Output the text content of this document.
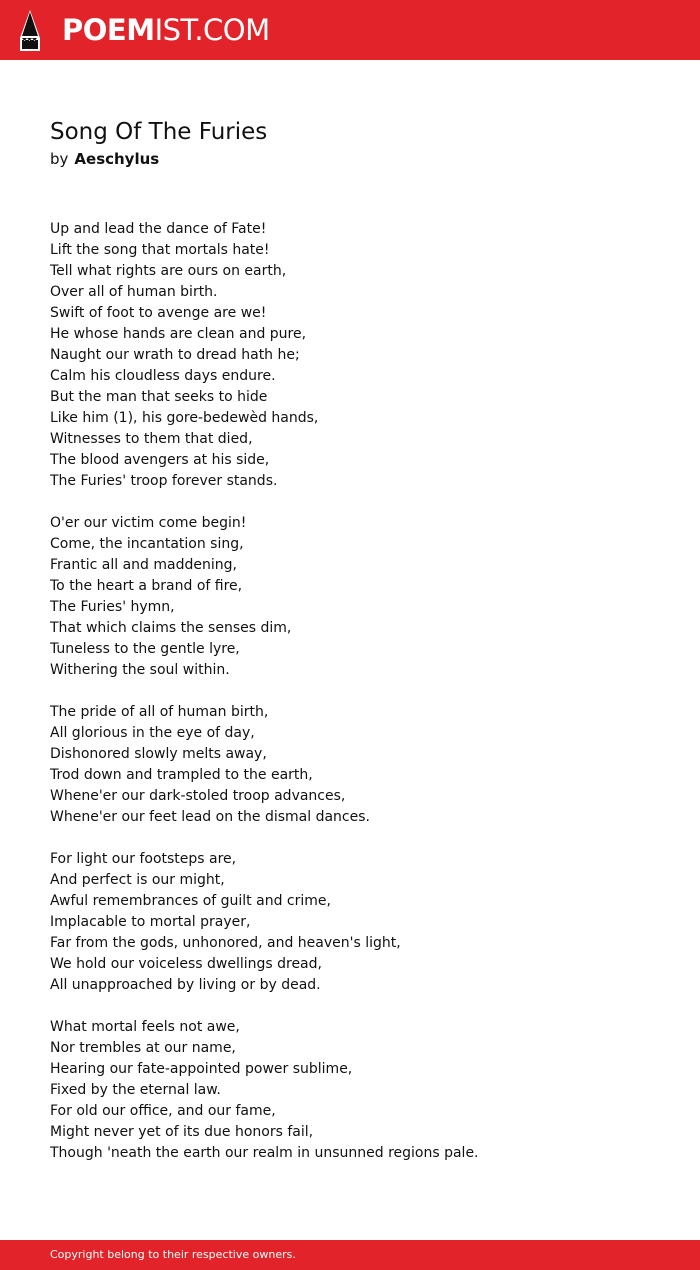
POEMIST.COM
Song Of The Furies

by Aeschylus

Up and lead the dance of Fate!
Lift the song that mortals hate!
Tell what rights are ours on earth,
Over all of human birth.
Swift of foot to avenge are we!
He whose hands are clean and pure,
Naught our wrath to dread hath he;
Calm his cloudless days endure.
But the man that seeks to hide
Like him (1), his gore-bedewèd hands,
Witnesses to them that died,
The blood avengers at his side,
The Furies' troop forever stands.
O'er our victim come begin!
Come, the incantation sing,
Frantic all and maddening,
To the heart a brand of fire,
The Furies' hymn,
That which claims the senses dim,
Tuneless to the gentle lyre,
Withering the soul within.
The pride of all of human birth,
All glorious in the eye of day,
Dishonored slowly melts away,
Trod down and trampled to the earth,
Whene'er our dark-stoled troop advances,
Whene'er our feet lead on the dismal dances.
For light our footsteps are,
And perfect is our might,
Awful remembrances of guilt and crime,
Implacable to mortal prayer,
Far from the gods, unhonored, and heaven's light,
We hold our voiceless dwellings dread,
All unapproached by living or by dead.
What mortal feels not awe,
Nor trembles at our name,
Hearing our fate-appointed power sublime,
Fixed by the eternal law.
For old our office, and our fame,
Might never yet of its due honors fail,
Though 'neath the earth our realm in unsunned regions pale.
Copyright belong to their respective owners.
